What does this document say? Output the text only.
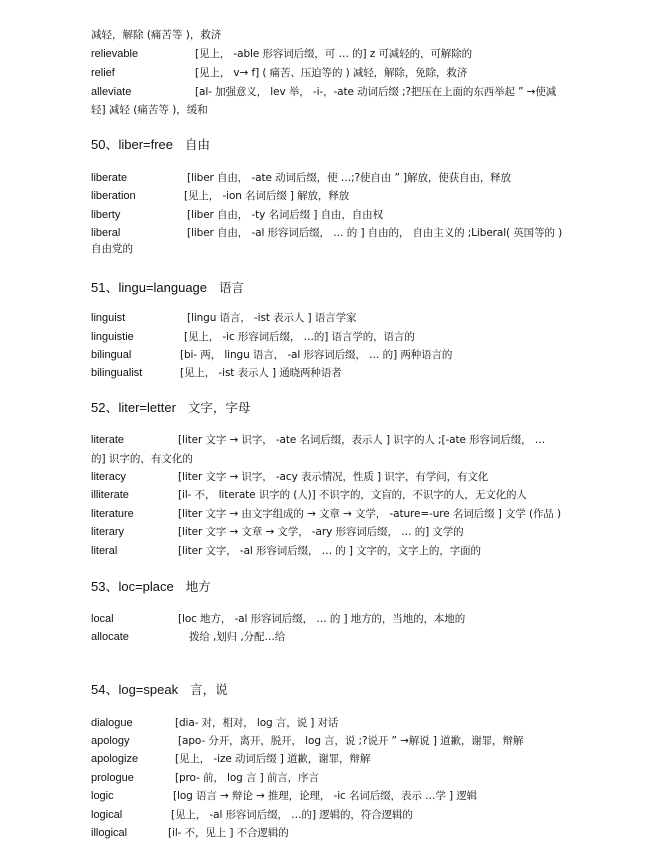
减轻，解除 (痛苦等 )，救济
relievable	[见上， -able 形容词后缀，可 … 的] z 可减轻的，可解除的
relief	[见上， v→ f] ( 痛苦、压迫等的 ) 减轻，解除，免除，救济
alleviate	[al- 加强意义， lev 举， -i-，-ate 动词后缀 ;?把压在上面的东西举起 ” →使减
轻] 减轻 (痛苦等 )，缓和
50、liber=free 自由
51、lingu=language 语言
52、liter=letter 文字，字母
53、loc=place 地方
54、log=speak 言，说
liberate	[liber 自由， -ate 动词后缀，使 …;?使自由 ” ]解放，使获自由，释放
liberation	[见上， -ion 名词后缀 ] 解放，释放
liberty	[liber 自由， -ty 名词后缀 ] 自由，自由权
liberal	[liber 自由， -al 形容词后缀， … 的 ] 自由的， 自由主义的 ;Liberal( 英国等的 )
自由党的
linguist	[lingu 语言， -ist 表示人 ] 语言学家
linguistie	[见上， -ic 形容词后缀， …的] 语言学的，语言的
bilingual	[bi- 两， lingu 语言， -al 形容词后缀， … 的] 两种语言的
bilingualist	[见上， -ist 表示人 ] 通晓两种语者
literate	[liter 文字 → 识字， -ate 名词后缀，表示人 ] 识字的人 ;[-ate 形容词后缀， …
的] 识字的，有文化的
literacy	[liter 文字 → 识字， -acy 表示情况，性质 ] 识字，有学问，有文化
illiterate	[il- 不， literate 识字的 (人)] 不识字的，文盲的，不识字的人，无文化的人
literature	[liter 文字 → 由文字组成的 → 文章 → 文学， -ature=-ure 名词后缀 ] 文学 (作品 )
literary	[liter 文字 → 文章 → 文学， -ary 形容词后缀， … 的] 文学的
literal	[liter 文字， -al 形容词后缀， … 的 ] 文字的，文字上的，字面的
local	[loc 地方， -al 形容词后缀， … 的 ] 地方的，当地的，本地的
allocate	拨给 ,划归 ,分配…给
dialogue	[dia- 对，相对， log 言，说 ] 对话
apology	[apo- 分开，离开，脱开， log 言，说 ;?说开 ” →解说 ] 道歉，谢罪，辩解
apologize	[见上， -ize 动词后缀 ] 道歉，谢罪，辩解
prologue	[pro- 前， log 言 ] 前言，序言
logic	[log 语言 → 辩论 → 推理，论理， -ic 名词后缀，表示 …学 ] 逻辑
logical	[见上， -al 形容词后缀， …的] 逻辑的，符合逻辑的
illogical	[il- 不，见上 ] 不合逻辑的
